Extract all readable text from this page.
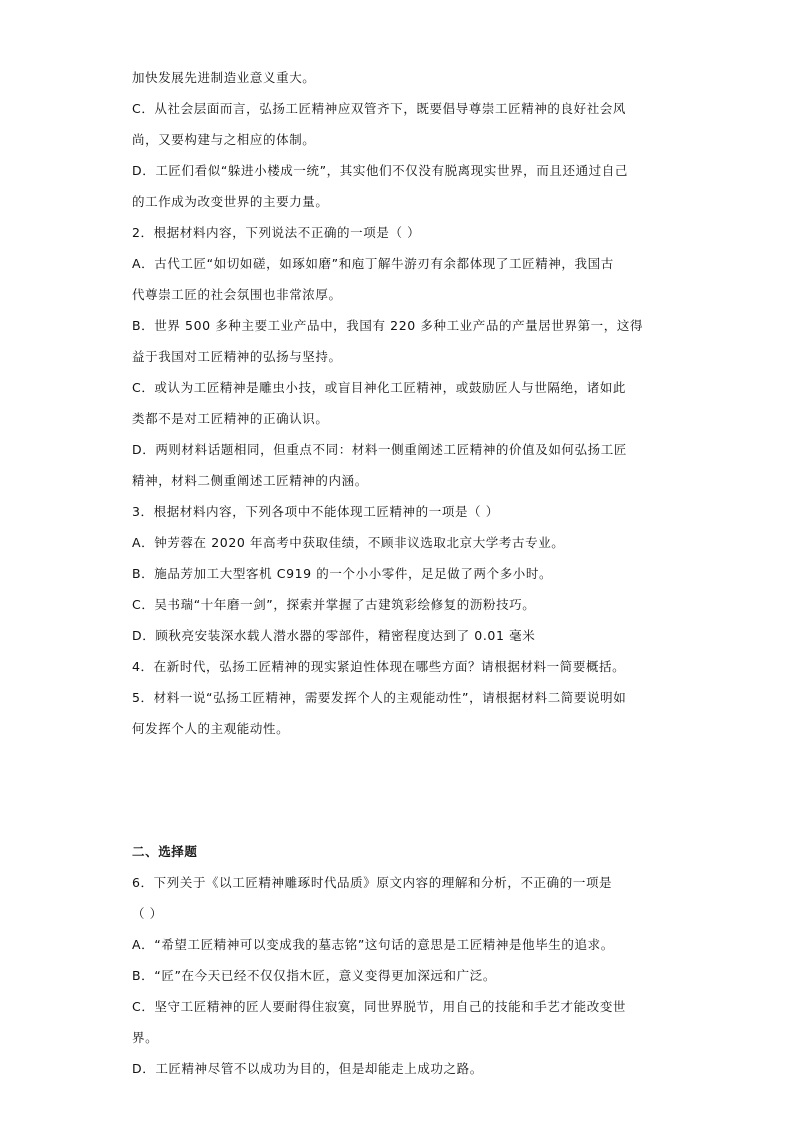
加快发展先进制造业意义重大。
C．从社会层面而言，弘扬工匠精神应双管齐下，既要倡导尊崇工匠精神的良好社会风
尚，又要构建与之相应的体制。
D．工匠们看似“躲进小楼成一统”，其实他们不仅没有脱离现实世界，而且还通过自己
的工作成为改变世界的主要力量。
2．根据材料内容，下列说法不正确的一项是（ ）
A．古代工匠“如切如磋，如琢如磨”和庖丁解牛游刃有余都体现了工匠精神，我国古
代尊崇工匠的社会氛围也非常浓厚。
B．世界 500 多种主要工业产品中，我国有 220 多种工业产品的产量居世界第一，这得
益于我国对工匠精神的弘扬与坚持。
C．或认为工匠精神是雕虫小技，或盲目神化工匠精神，或鼓励匠人与世隔绝，诸如此
类都不是对工匠精神的正确认识。
D．两则材料话题相同，但重点不同：材料一侧重阐述工匠精神的价值及如何弘扬工匠
精神，材料二侧重阐述工匠精神的内涵。
3．根据材料内容，下列各项中不能体现工匠精神的一项是（ ）
A．钟芳蓉在 2020 年高考中获取佳绩，不顾非议选取北京大学考古专业。
B．施品芳加工大型客机 C919 的一个小小零件，足足做了两个多小时。
C．吴书瑞“十年磨一剑”，探索并掌握了古建筑彩绘修复的沥粉技巧。
D．顾秋亮安装深水载人潜水器的零部件，精密程度达到了 0.01 毫米
4．在新时代，弘扬工匠精神的现实紧迫性体现在哪些方面？请根据材料一简要概括。
5．材料一说“弘扬工匠精神，需要发挥个人的主观能动性”，请根据材料二简要说明如
何发挥个人的主观能动性。
二、选择题
6．下列关于《以工匠精神雕琢时代品质》原文内容的理解和分析，不正确的一项是
（ ）
A．“希望工匠精神可以变成我的墓志铭”这句话的意思是工匠精神是他毕生的追求。
B．“匠”在今天已经不仅仅指木匠，意义变得更加深远和广泛。
C．坚守工匠精神的匠人要耐得住寂寞，同世界脱节，用自己的技能和手艺才能改变世
界。
D．工匠精神尽管不以成功为目的，但是却能走上成功之路。
